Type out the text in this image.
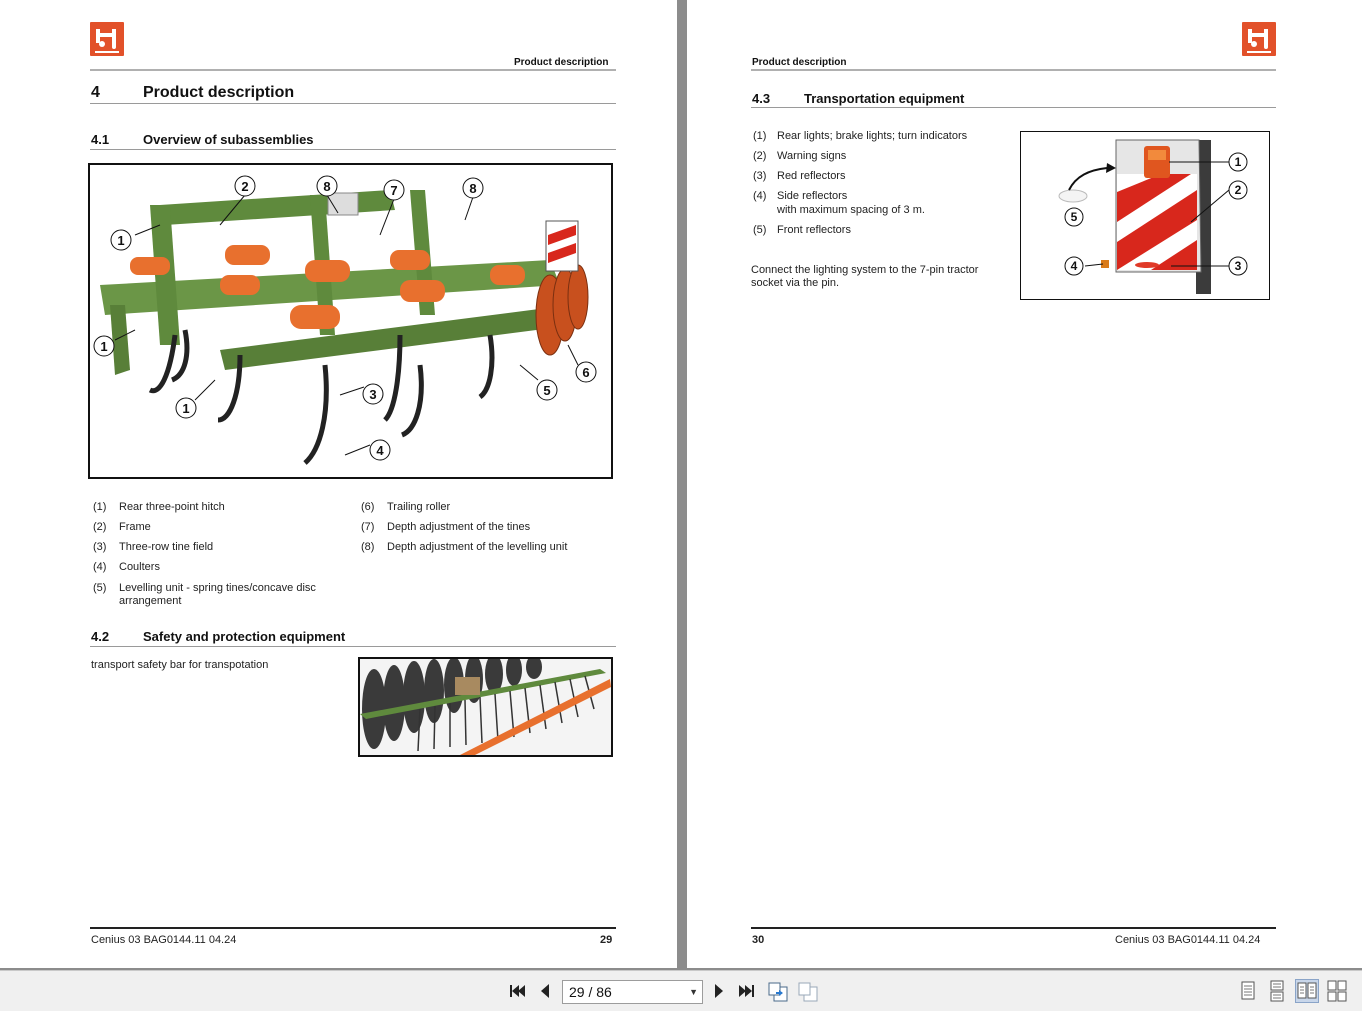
Product description
4	Product description
4.1	Overview of subassemblies
2	8	7	8
1
1
1
3
4
5
6
(1) Rear three-point hitch
(2) Frame
(3) Three-row tine field
(4) Coulters
(5) Levelling unit - spring tines/concave disc arrangement
(6) Trailing roller
(7) Depth adjustment of the tines
(8) Depth adjustment of the levelling unit
4.2	Safety and protection equipment
transport safety bar for transpotation
Cenius 03 BAG0144.11 04.24	29
Product description
4.3	Transportation equipment
(1) Rear lights; brake lights; turn indicators
(2) Warning signs
(3) Red reflectors
(4) Side reflectors
with maximum spacing of 3 m.
(5) Front reflectors
Connect the lighting system to the 7-pin tractor
socket via the pin.
1
2
5
4	3
30	Cenius 03 BAG0144.11 04.24
29 / 86	▼
